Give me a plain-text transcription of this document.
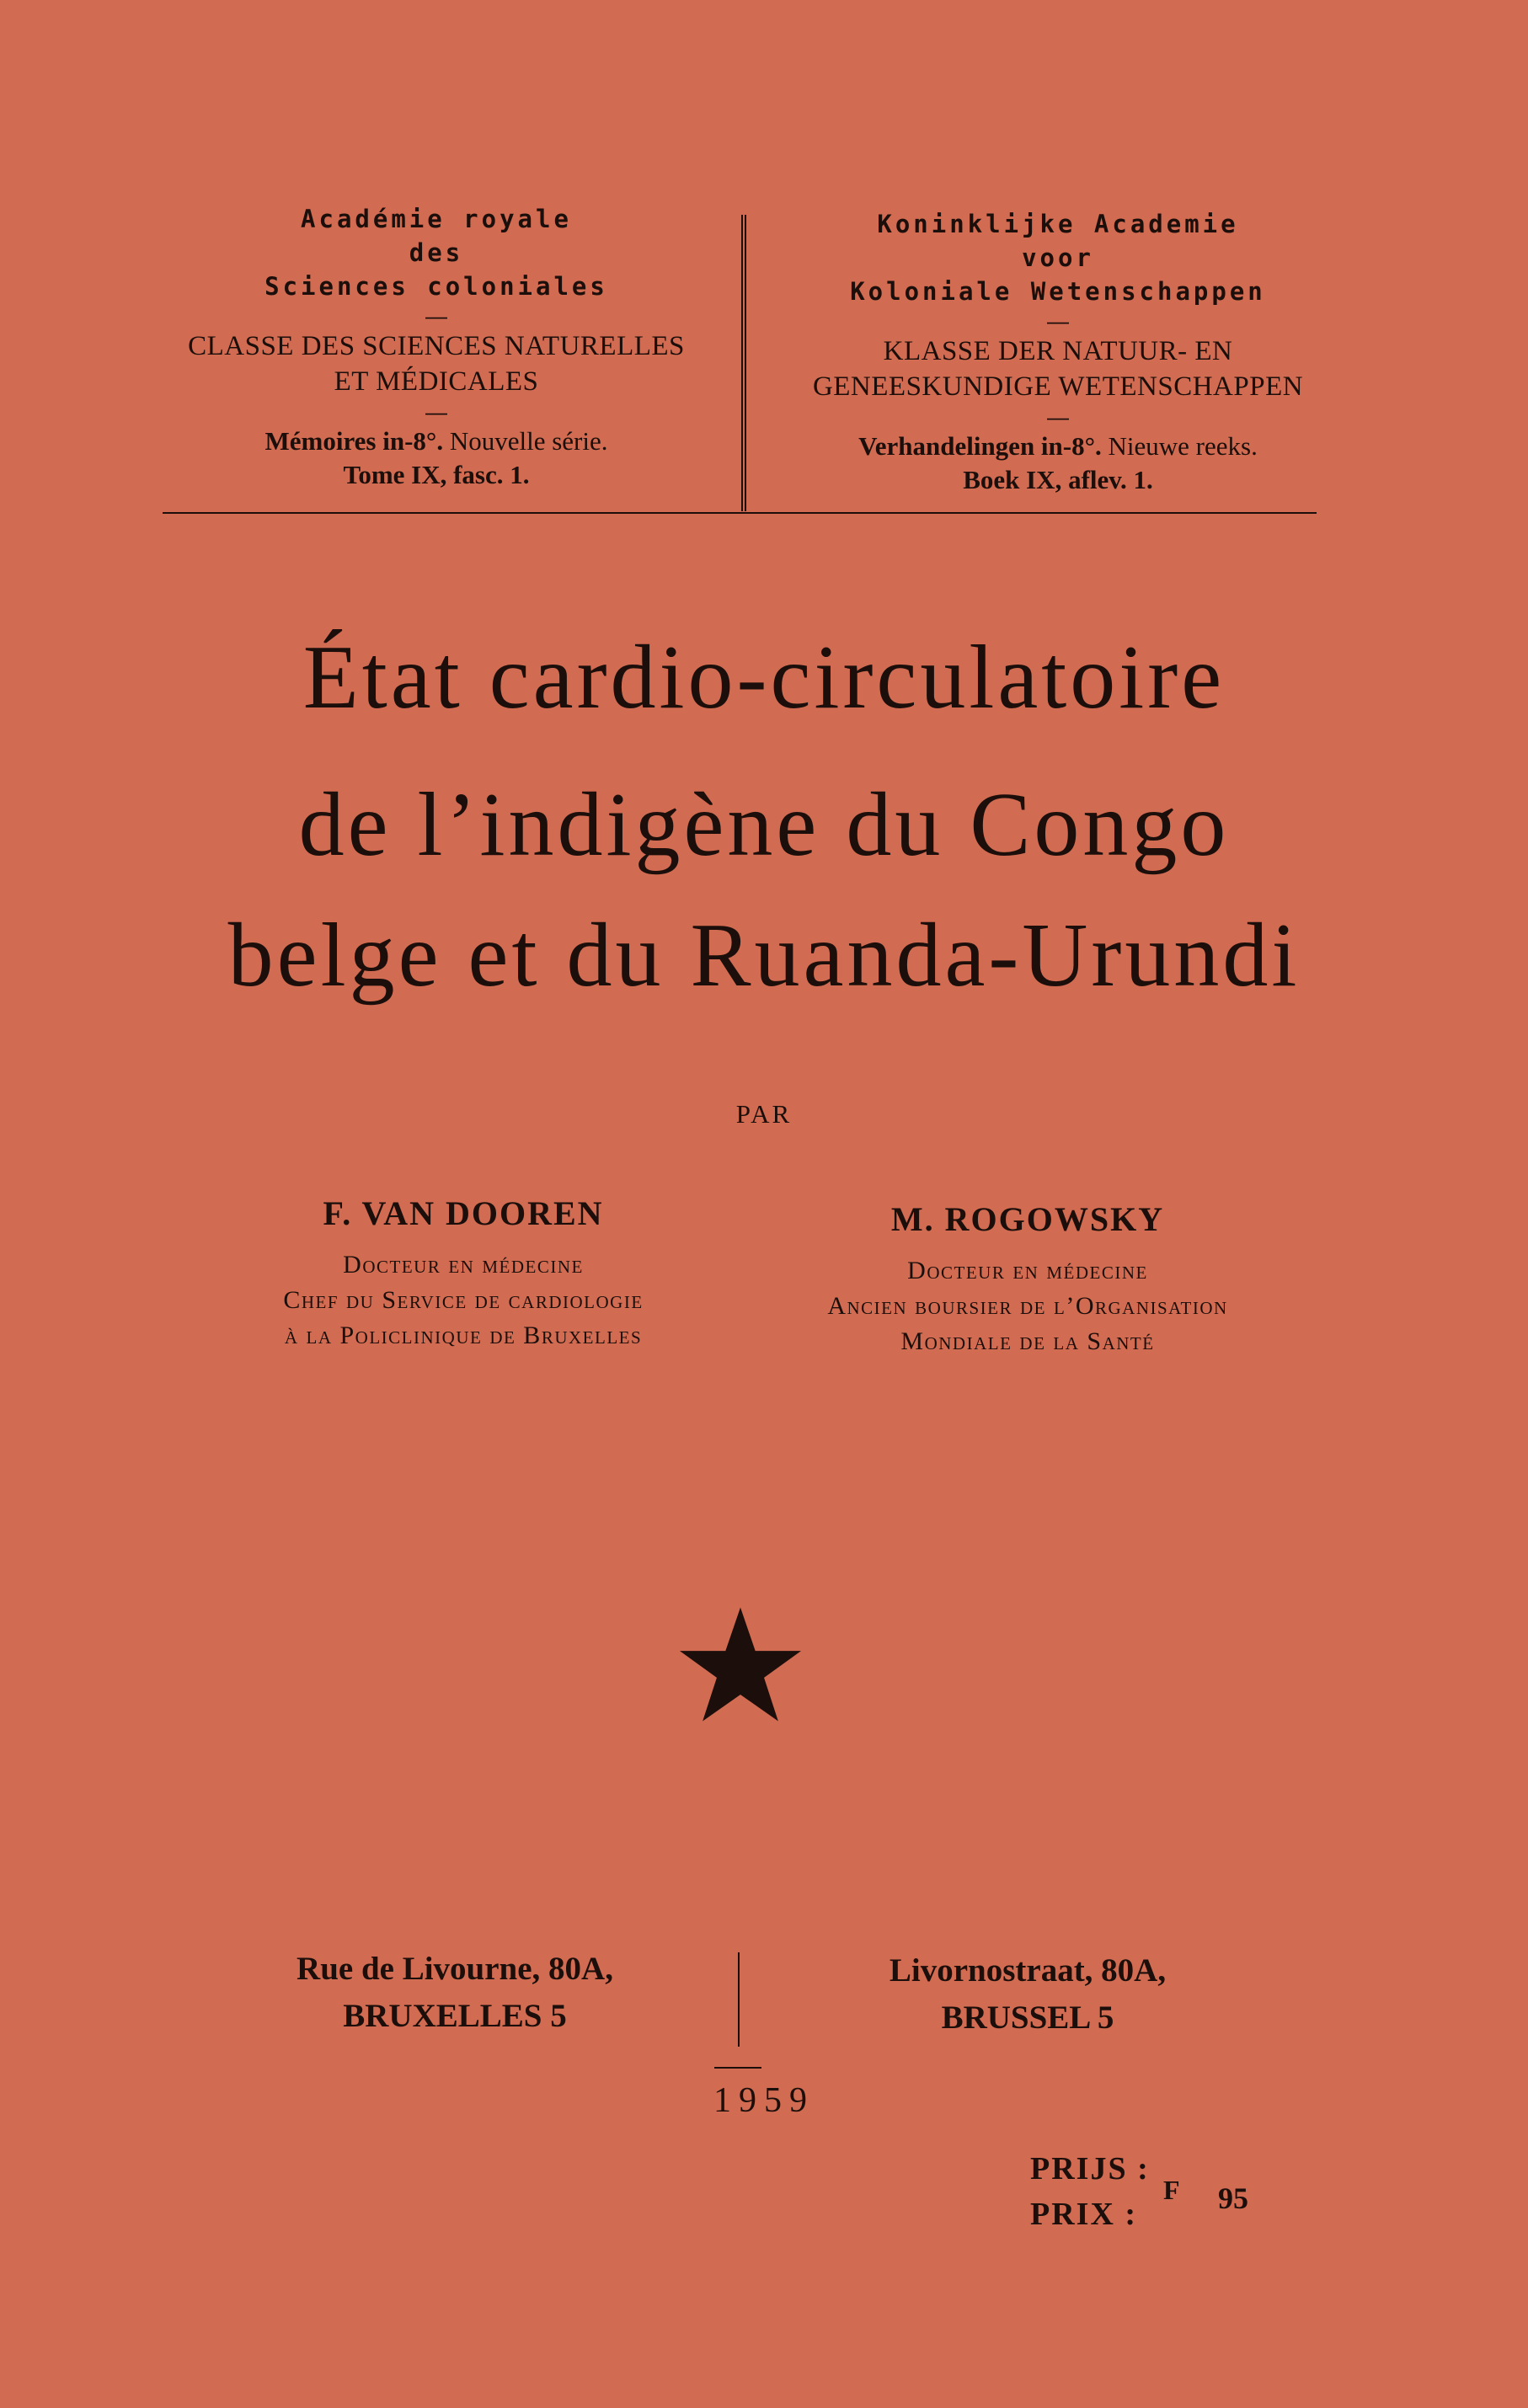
Académie royale
des
Sciences coloniales
—
CLASSE DES SCIENCES NATURELLES
ET MÉDICALES
—
Mémoires in-8°. Nouvelle série.
Tome IX, fasc. 1.
Koninklijke Academie
voor
Koloniale Wetenschappen
—
KLASSE DER NATUUR- EN
GENEESKUNDIGE WETENSCHAPPEN
—
Verhandelingen in-8°. Nieuwe reeks.
Boek IX, aflev. 1.
État cardio-circulatoire
de l’indigène du Congo
belge et du Ruanda-Urundi
PAR
F. VAN DOOREN
Docteur en médecine
Chef du Service de cardiologie
à la Policlinique de Bruxelles
M. ROGOWSKY
Docteur en médecine
Ancien boursier de l’Organisation
Mondiale de la Santé
Rue de Livourne, 80A,
BRUXELLES 5
Livornostraat, 80A,
BRUSSEL 5
1959
PRIJS :
PRIX :
F 95
